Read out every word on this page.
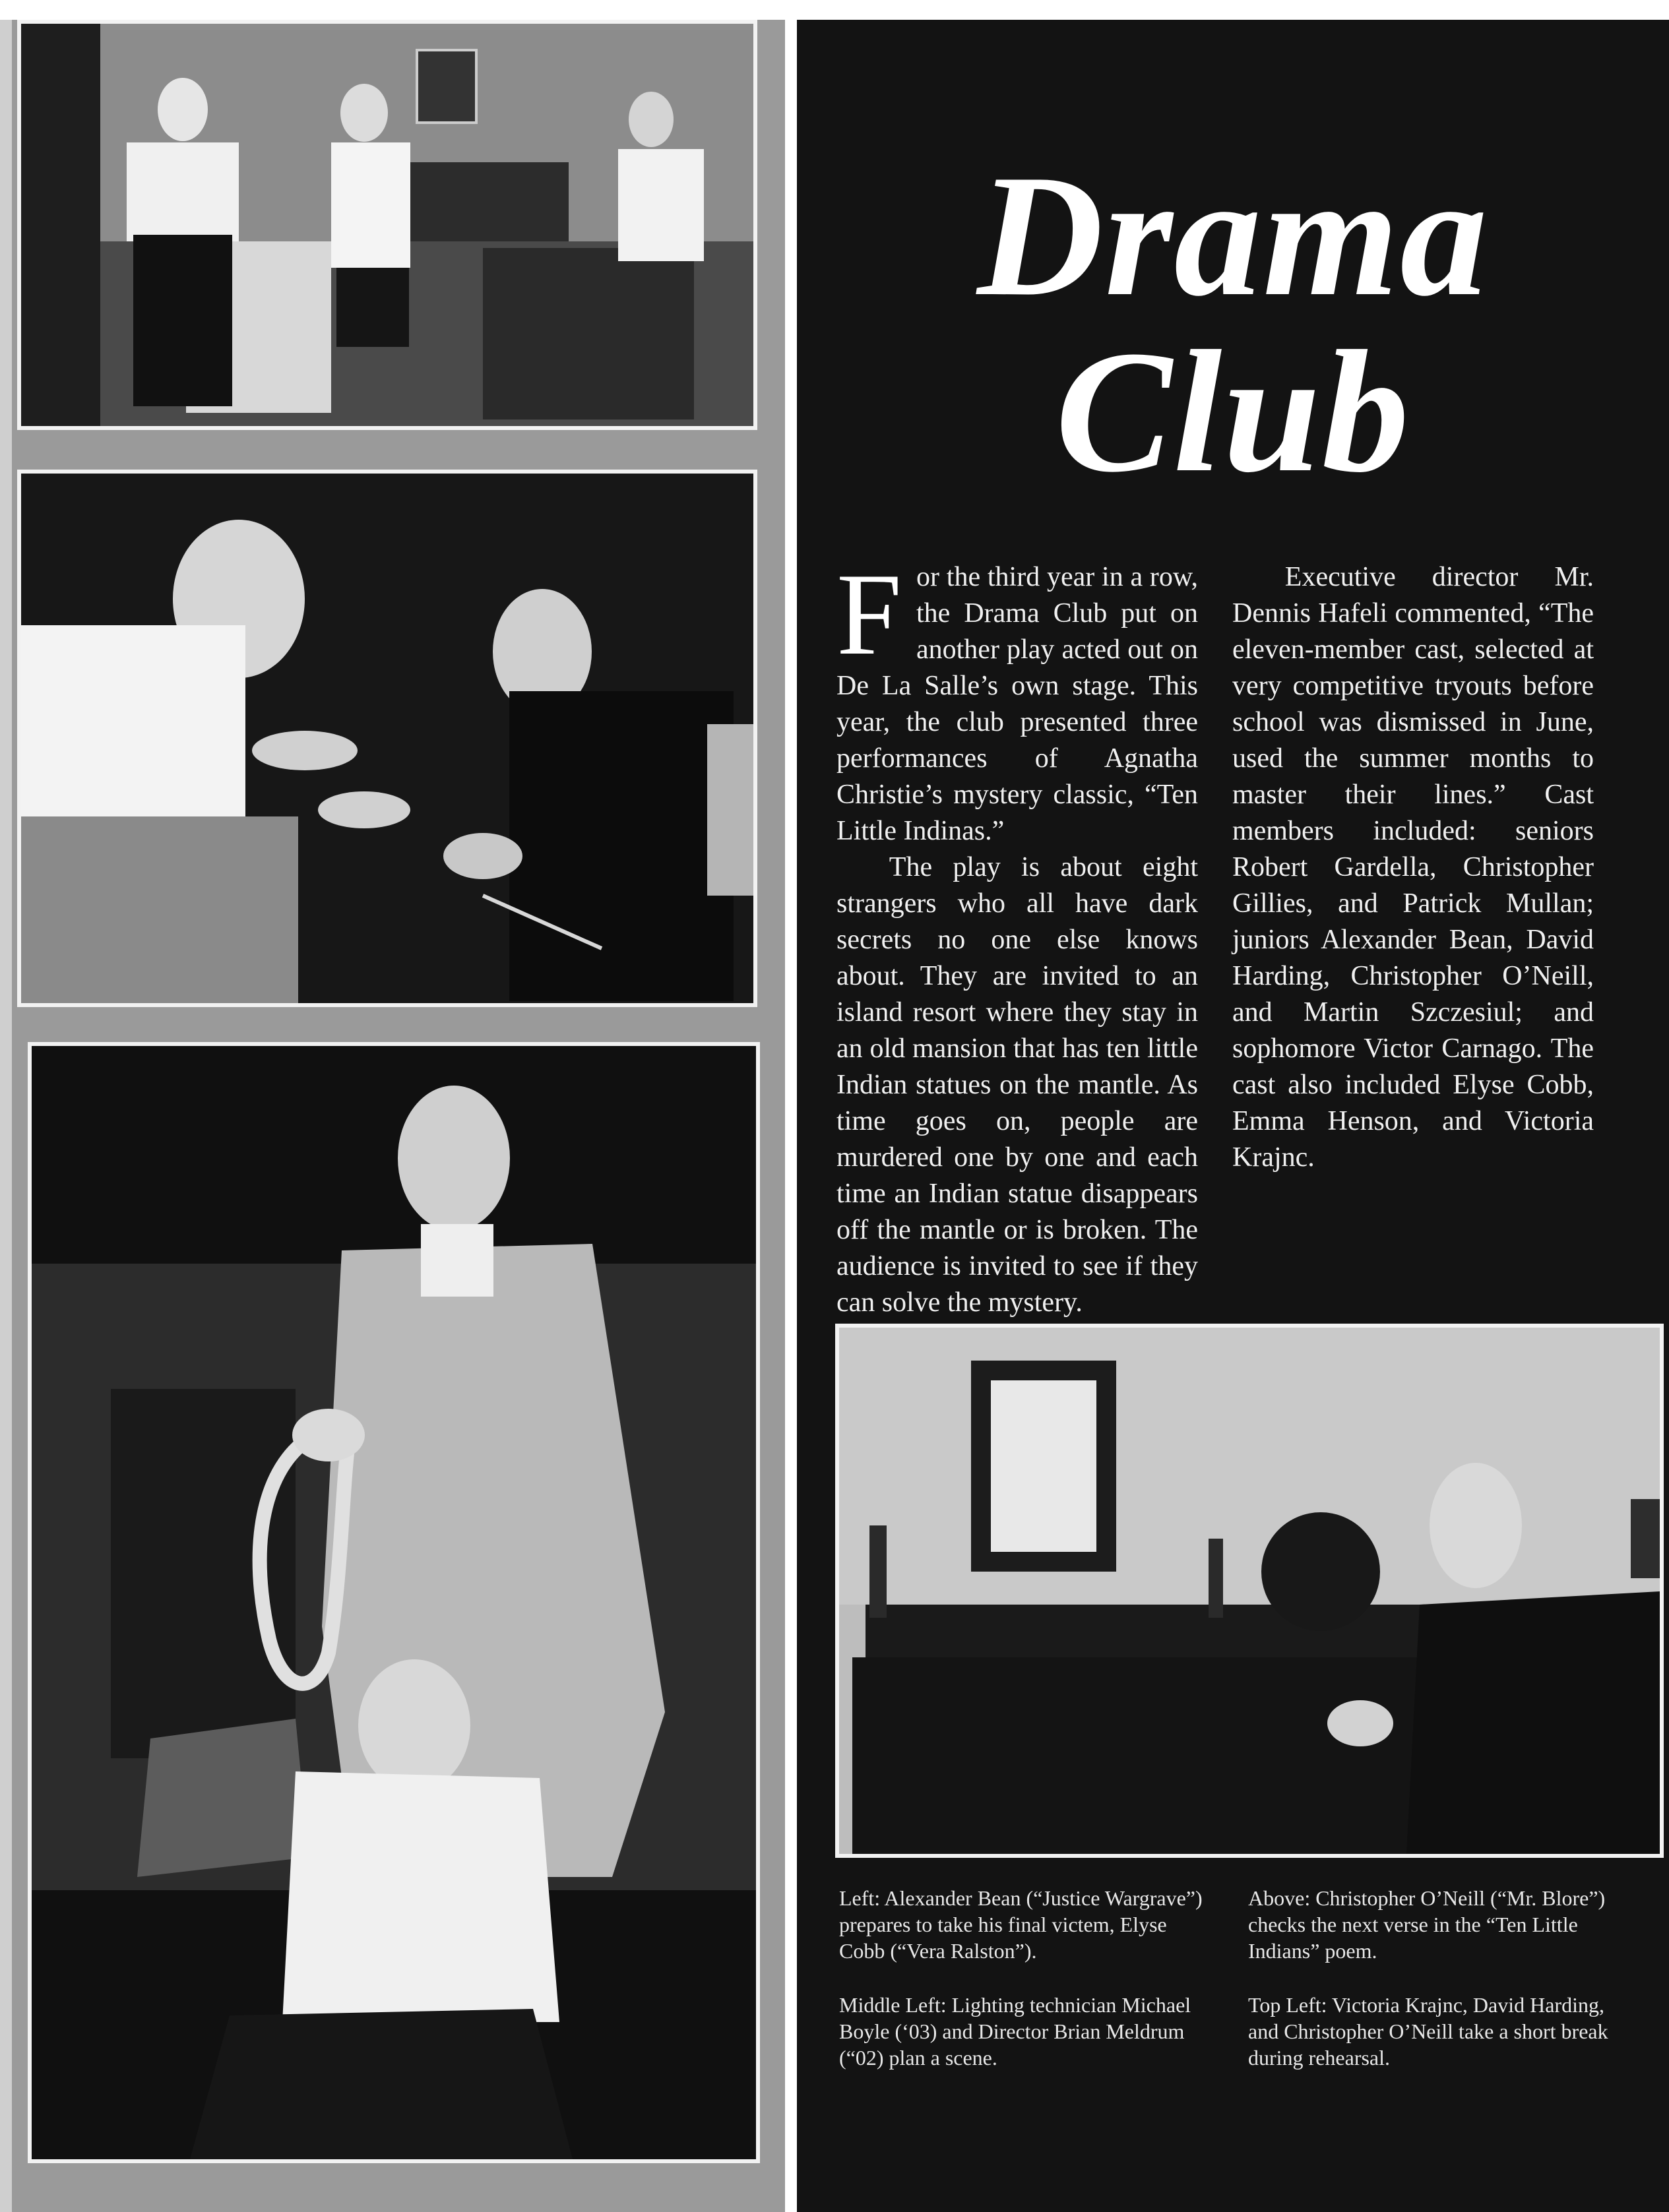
Drama
Club

For the third year in a row, the Drama Club put on another play acted out on De La Salle’s own stage. This year, the club presented three performances of Agnatha Christie’s mystery classic, “Ten Little Indinas.”

The play is about eight strangers who all have dark secrets no one else knows about. They are invited to an island resort where they stay in an old mansion that has ten little Indian statues on the mantle. As time goes on, people are murdered one by one and each time an Indian statue disappears off the mantle or is broken. The audience is invited to see if they can solve the mystery.

Executive director Mr. Dennis Hafeli commented, “The eleven-member cast, selected at very competitive tryouts before school was dismissed in June, used the summer months to master their lines.” Cast members included: seniors Robert Gardella, Christopher Gillies, and Patrick Mullan; juniors Alexander Bean, David Harding, Christopher O’Neill, and Martin Szczesiul; and sophomore Victor Carnago. The cast also included Elyse Cobb, Emma Henson, and Victoria Krajnc.

Left: Alexander Bean (“Justice Wargrave”) prepares to take his final victem, Elyse Cobb (“Vera Ralston”).

Middle Left: Lighting technician Michael Boyle (‘03) and Director Brian Meldrum (“02) plan a scene.

Above: Christopher O’Neill (“Mr. Blore”) checks the next verse in the “Ten Little Indians” poem.

Top Left: Victoria Krajnc, David Harding, and Christopher O’Neill take a short break during rehearsal.
